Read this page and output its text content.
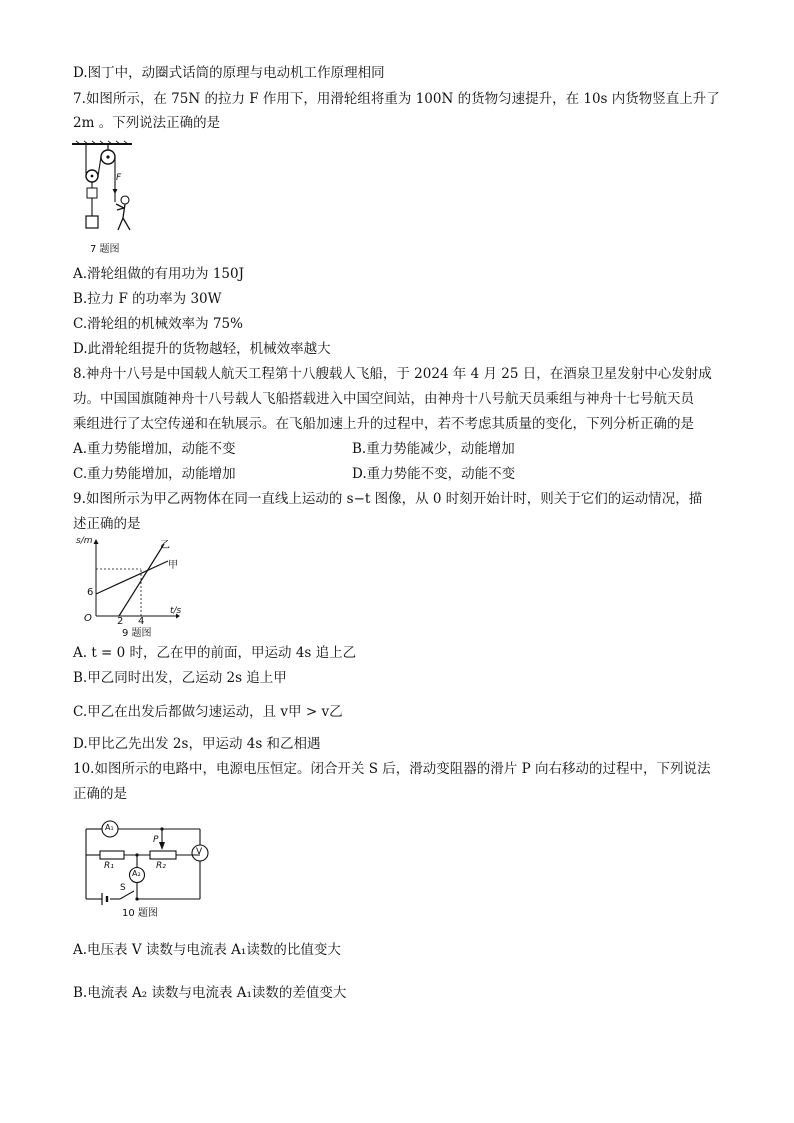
D.图丁中，动圈式话筒的原理与电动机工作原理相同
7.如图所示，在 75N 的拉力 F 作用下，用滑轮组将重为 100N 的货物匀速提升，在 10s 内货物竖直上升了
2m 。下列说法正确的是
F
7 题图
A.滑轮组做的有用功为 150J
B.拉力 F 的功率为 30W
C.滑轮组的机械效率为 75%
D.此滑轮组提升的货物越轻，机械效率越大
8.神舟十八号是中国载人航天工程第十八艘载人飞船，于 2024 年 4 月 25 日，在酒泉卫星发射中心发射成
功。中国国旗随神舟十八号载人飞船搭载进入中国空间站，由神舟十八号航天员乘组与神舟十七号航天员
乘组进行了太空传递和在轨展示。在飞船加速上升的过程中，若不考虑其质量的变化，下列分析正确的是
A.重力势能增加，动能不变	B.重力势能减少，动能增加
C.重力势能增加，动能增加	D.重力势能不变，动能不变
9.如图所示为甲乙两物体在同一直线上运动的 s−t 图像，从 0 时刻开始计时，则关于它们的运动情况，描
述正确的是
s/m
t/s
O
6
2 4
甲
乙
9 题图
A. t = 0 时，乙在甲的前面，甲运动 4s 追上乙
B.甲乙同时出发，乙运动 2s 追上甲
C.甲乙在出发后都做匀速运动，且 v甲 > v乙
D.甲比乙先出发 2s，甲运动 4s 和乙相遇
10.如图所示的电路中，电源电压恒定。闭合开关 S 后，滑动变阻器的滑片 P 向右移动的过程中，下列说法
正确的是
A₁
V
A₂
R₁	R₂
P
S
10 题图
A.电压表 V 读数与电流表 A₁读数的比值变大
B.电流表 A₂ 读数与电流表 A₁读数的差值变大
